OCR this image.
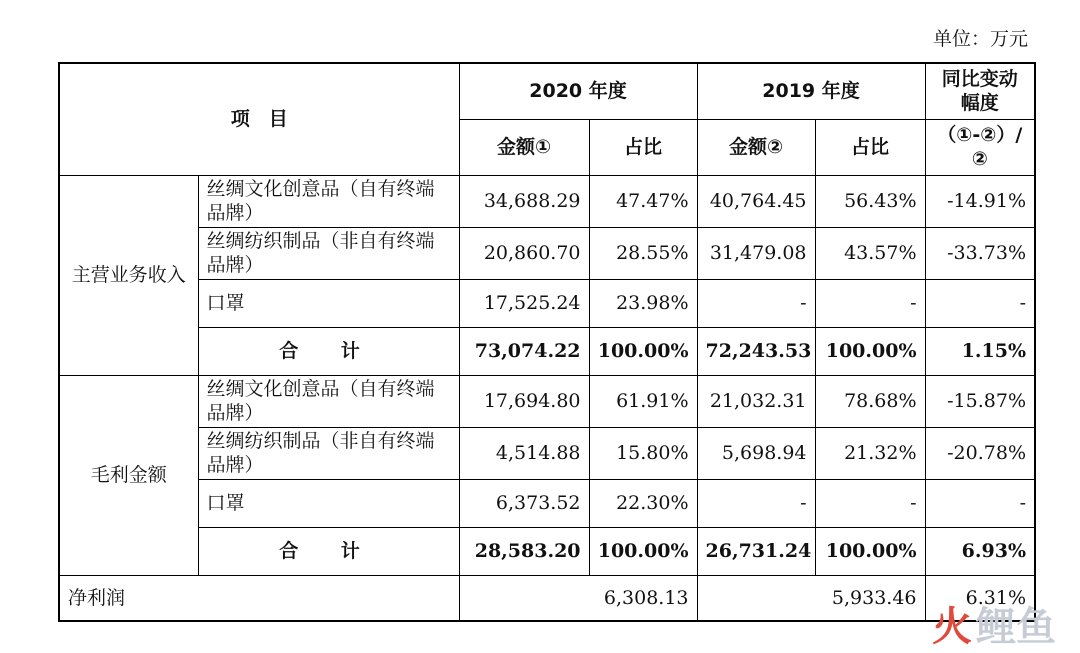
单位：万元
项　目		2020 年度		2019 年度		同比变动幅度
		金额①	占比	金额②	占比	（①-②）/②
主营业务收入	丝绸文化创意品（自有终端品牌）	34,688.29	47.47%	40,764.45	56.43%	-14.91%
	丝绸纺织制品（非自有终端品牌）	20,860.70	28.55%	31,479.08	43.57%	-33.73%
	口罩	17,525.24	23.98%	-	-	-
	合 计	73,074.22	100.00%	72,243.53	100.00%	1.15%
毛利金额	丝绸文化创意品（自有终端品牌）	17,694.80	61.91%	21,032.31	78.68%	-15.87%
	丝绸纺织制品（非自有终端品牌）	4,514.88	15.80%	5,698.94	21.32%	-20.78%
	口罩	6,373.52	22.30%	-	-	-
	合 计	28,583.20	100.00%	26,731.24	100.00%	6.93%
净利润		6,308.13		5,933.46		6.31%
火 鲤鱼
